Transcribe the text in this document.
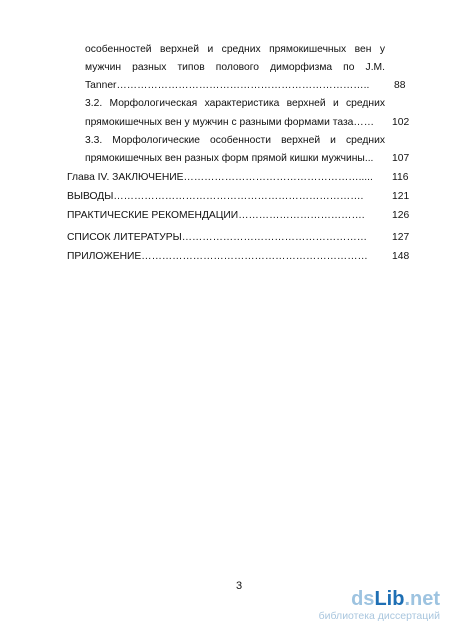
особенностей верхней и средних прямокишечных вен у
мужчин разных типов полового диморфизма по J.M.
Tanner………………………………………………………………..	88
3.2. Морфологическая характеристика верхней и средних
прямокишечных вен у мужчин с разными формами таза……	102
3.3. Морфологические особенности верхней и средних
прямокишечных вен разных форм прямой кишки мужчины...	107
Глава IV. ЗАКЛЮЧЕНИЕ…………………………………………….....	116
ВЫВОДЫ……………………………………………………………….	121
ПРАКТИЧЕСКИЕ РЕКОМЕНДАЦИИ……………………………….	126
СПИСОК ЛИТЕРАТУРЫ………………………………………………	127
ПРИЛОЖЕНИЕ…………………………………………………………	148
3
dsLib.net
библиотека диссертаций
